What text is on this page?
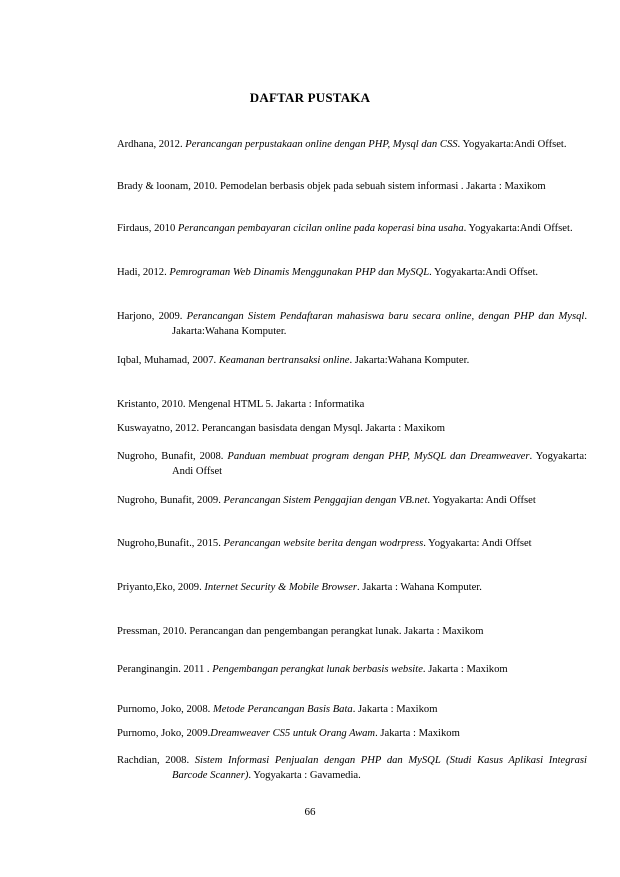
DAFTAR PUSTAKA

Ardhana, 2012. Perancangan perpustakaan online dengan PHP, Mysql dan CSS. Yogyakarta:Andi Offset.

Brady & loonam, 2010. Pemodelan berbasis objek pada sebuah sistem informasi . Jakarta : Maxikom

Firdaus, 2010 Perancangan pembayaran cicilan online pada koperasi bina usaha. Yogyakarta:Andi Offset.

Hadi, 2012. Pemrograman Web Dinamis Menggunakan PHP dan MySQL. Yogyakarta:Andi Offset.

Harjono, 2009. Perancangan Sistem Pendaftaran mahasiswa baru secara online, dengan PHP dan Mysql. Jakarta:Wahana Komputer.

Iqbal, Muhamad, 2007. Keamanan bertransaksi online. Jakarta:Wahana Komputer.

Kristanto, 2010. Mengenal HTML 5. Jakarta : Informatika

Kuswayatno, 2012. Perancangan basisdata dengan Mysql. Jakarta : Maxikom

Nugroho, Bunafit, 2008. Panduan membuat program dengan PHP, MySQL dan Dreamweaver. Yogyakarta: Andi Offset

Nugroho, Bunafit, 2009. Perancangan Sistem Penggajian dengan VB.net. Yogyakarta: Andi Offset

Nugroho,Bunafit., 2015. Perancangan website berita dengan wodrpress. Yogyakarta: Andi Offset

Priyanto,Eko, 2009. Internet Security & Mobile Browser. Jakarta : Wahana Komputer.

Pressman, 2010. Perancangan dan pengembangan perangkat lunak. Jakarta : Maxikom

Peranginangin. 2011 . Pengembangan perangkat lunak berbasis website. Jakarta : Maxikom

Purnomo, Joko, 2008. Metode Perancangan Basis Bata. Jakarta : Maxikom

Purnomo, Joko, 2009.Dreamweaver CS5 untuk Orang Awam. Jakarta : Maxikom

Rachdian, 2008. Sistem Informasi Penjualan dengan PHP dan MySQL (Studi Kasus Aplikasi Integrasi Barcode Scanner). Yogyakarta : Gavamedia.

66
